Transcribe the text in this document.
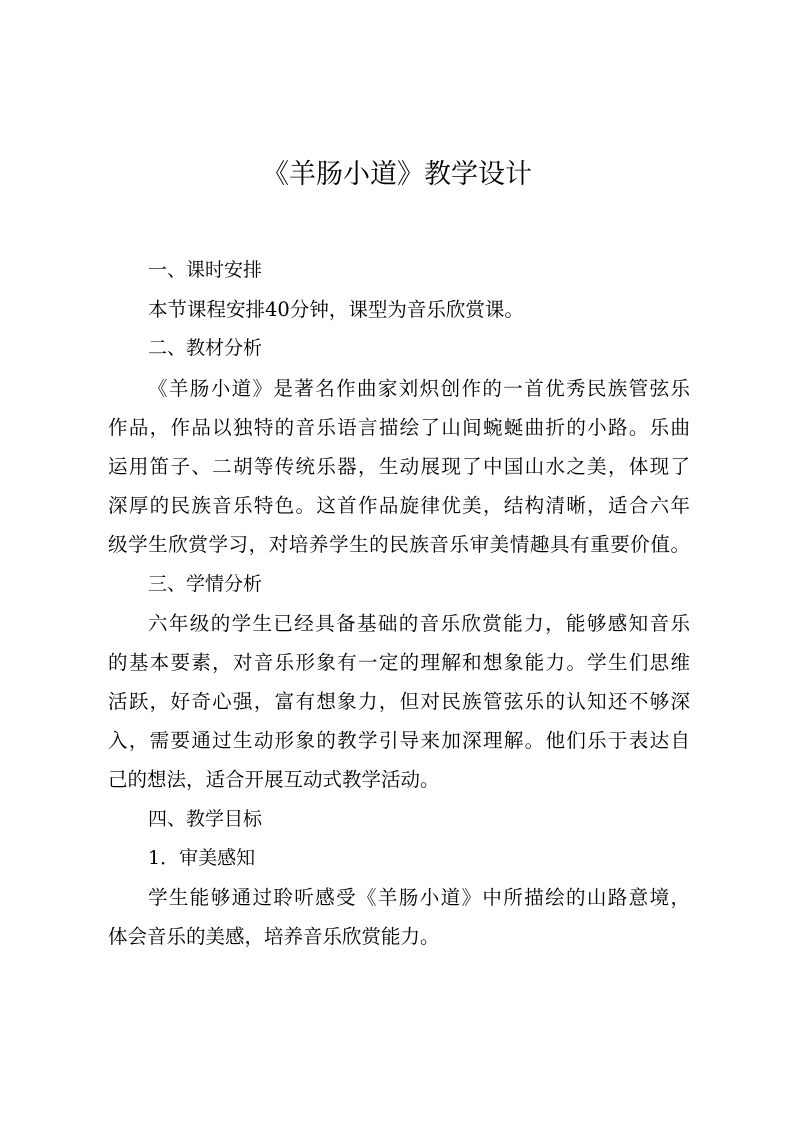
《羊肠小道》教学设计
一、课时安排
本节课程安排40分钟，课型为音乐欣赏课。
二、教材分析
《羊肠小道》是著名作曲家刘炽创作的一首优秀民族管弦乐
作品，作品以独特的音乐语言描绘了山间蜿蜒曲折的小路。乐曲
运用笛子、二胡等传统乐器，生动展现了中国山水之美，体现了
深厚的民族音乐特色。这首作品旋律优美，结构清晰，适合六年
级学生欣赏学习，对培养学生的民族音乐审美情趣具有重要价值。
三、学情分析
六年级的学生已经具备基础的音乐欣赏能力，能够感知音乐
的基本要素，对音乐形象有一定的理解和想象能力。学生们思维
活跃，好奇心强，富有想象力，但对民族管弦乐的认知还不够深
入，需要通过生动形象的教学引导来加深理解。他们乐于表达自
己的想法，适合开展互动式教学活动。
四、教学目标
1．审美感知
学生能够通过聆听感受《羊肠小道》中所描绘的山路意境，
体会音乐的美感，培养音乐欣赏能力。
